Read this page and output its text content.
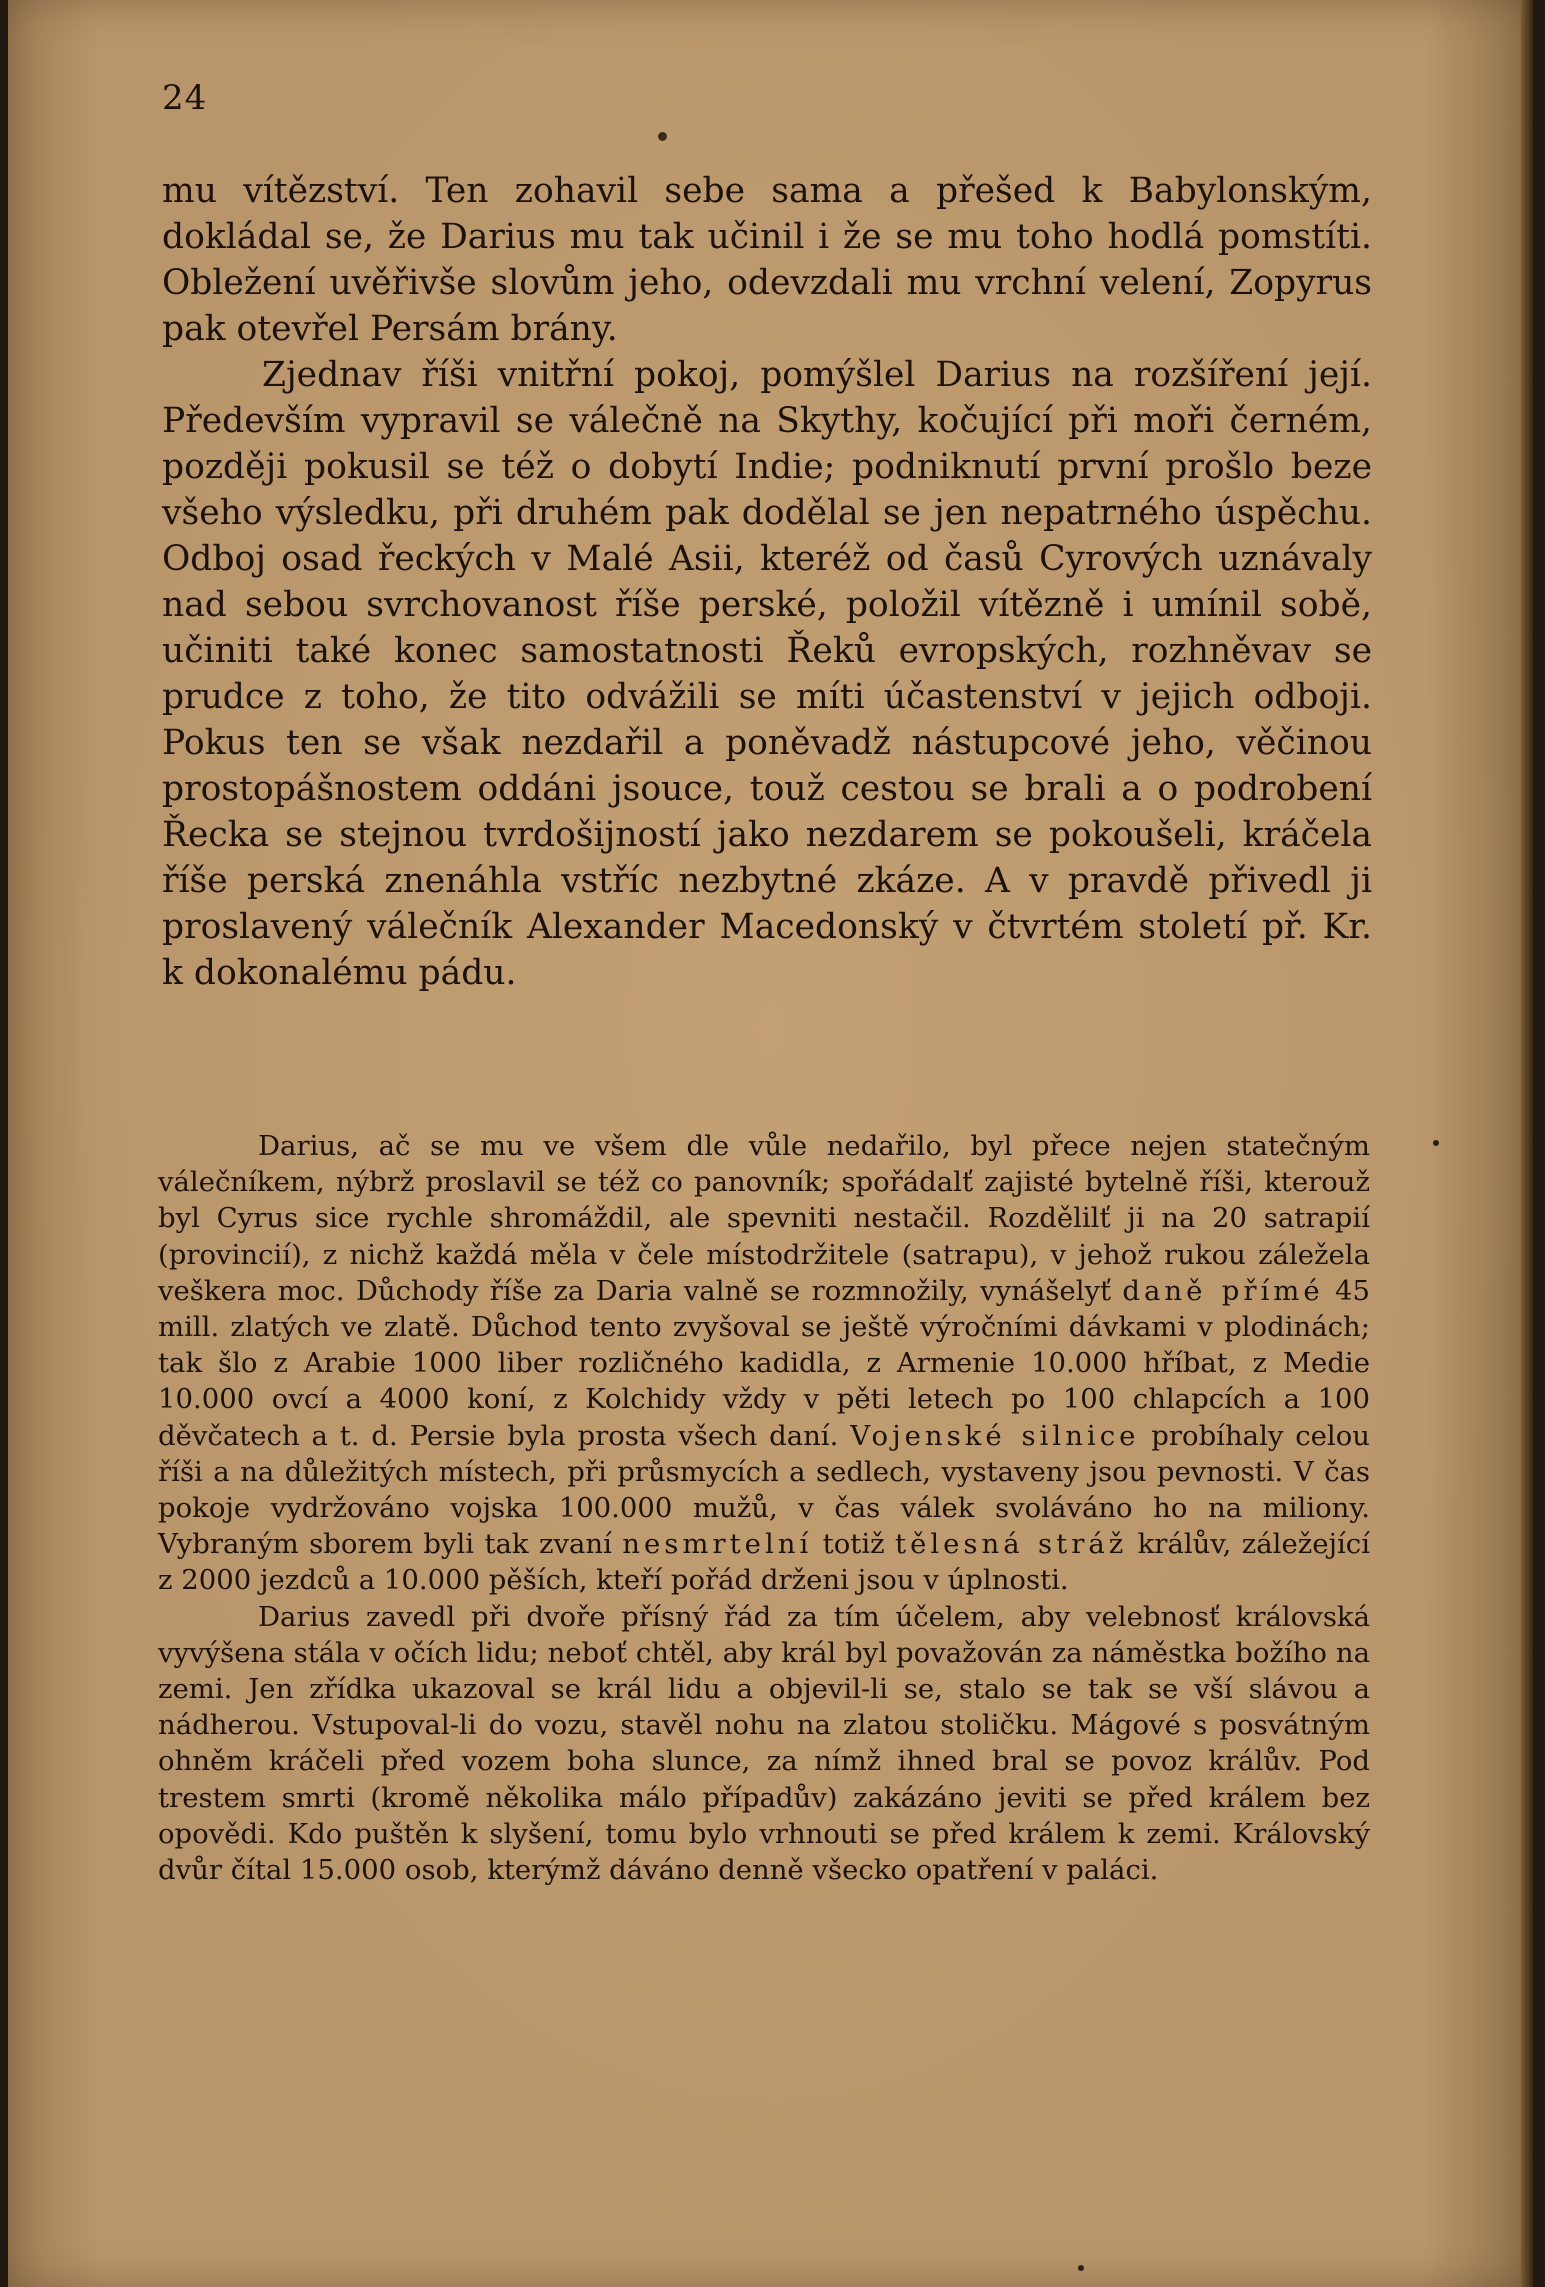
24

mu vítězství. Ten zohavil sebe sama a přešed k Babylonským, dokládal se, že Darius mu tak učinil i že se mu toho hodlá pomstíti. Obležení uvěřivše slovům jeho, odevzdali mu vrchní velení, Zopyrus pak otevřel Persám brány.

Zjednav říši vnitřní pokoj, pomýšlel Darius na rozšíření její. Především vypravil se válečně na Skythy, kočující při moři černém, později pokusil se též o dobytí Indie; podniknutí první prošlo beze všeho výsledku, při druhém pak dodělal se jen nepatrného úspěchu. Odboj osad řeckých v Malé Asii, kteréž od časů Cyrových uznávaly nad sebou svrchovanost říše perské, položil vítězně i umínil sobě, učiniti také konec samostatnosti Řeků evropských, rozhněvav se prudce z toho, že tito odvážili se míti účastenství v jejich odboji. Pokus ten se však nezdařil a poněvadž nástupcové jeho, věčinou prostopášnostem oddáni jsouce, touž cestou se brali a o podrobení Řecka se stejnou tvrdošijností jako nezdarem se pokoušeli, kráčela říše perská znenáhla vstříc nezbytné zkáze. A v pravdě přivedl ji proslavený válečník Alexander Macedonský v čtvrtém století př. Kr. k dokonalému pádu.

Darius, ač se mu ve všem dle vůle nedařilo, byl přece nejen statečným válečníkem, nýbrž proslavil se též co panovník; spořádalť zajisté bytelně říši, kterouž byl Cyrus sice rychle shromáždil, ale spevniti nestačil. Rozdělilť ji na 20 satrapií (provincií), z nichž každá měla v čele místodržitele (satrapu), v jehož rukou záležela veškera moc. Důchody říše za Daria valně se rozmnožily, vynášelyť daně přímé 45 mill. zlatých ve zlatě. Důchod tento zvyšoval se ještě výročními dávkami v plodinách; tak šlo z Arabie 1000 liber rozličného kadidla, z Armenie 10.000 hříbat, z Medie 10.000 ovcí a 4000 koní, z Kolchidy vždy v pěti letech po 100 chlapcích a 100 děvčatech a t. d. Persie byla prosta všech daní. Vojenské silnice probíhaly celou říši a na důležitých místech, při průsmycích a sedlech, vystaveny jsou pevnosti. V čas pokoje vydržováno vojska 100.000 mužů, v čas válek svoláváno ho na miliony. Vybraným sborem byli tak zvaní nesmrtelní totiž tělesná stráž králův, záležející z 2000 jezdců a 10.000 pěších, kteří pořád drženi jsou v úplnosti.

Darius zavedl při dvoře přísný řád za tím účelem, aby velebnosť královská vyvýšena stála v očích lidu; neboť chtěl, aby král byl považován za náměstka božího na zemi. Jen zřídka ukazoval se král lidu a objevil-li se, stalo se tak se vší slávou a nádherou. Vstupoval-li do vozu, stavěl nohu na zlatou stoličku. Mágové s posvátným ohněm kráčeli před vozem boha slunce, za nímž ihned bral se povoz králův. Pod trestem smrti (kromě několika málo případův) zakázáno jeviti se před králem bez opovědi. Kdo puštěn k slyšení, tomu bylo vrhnouti se před králem k zemi. Královský dvůr čítal 15.000 osob, kterýmž dáváno denně všecko opatření v paláci.
